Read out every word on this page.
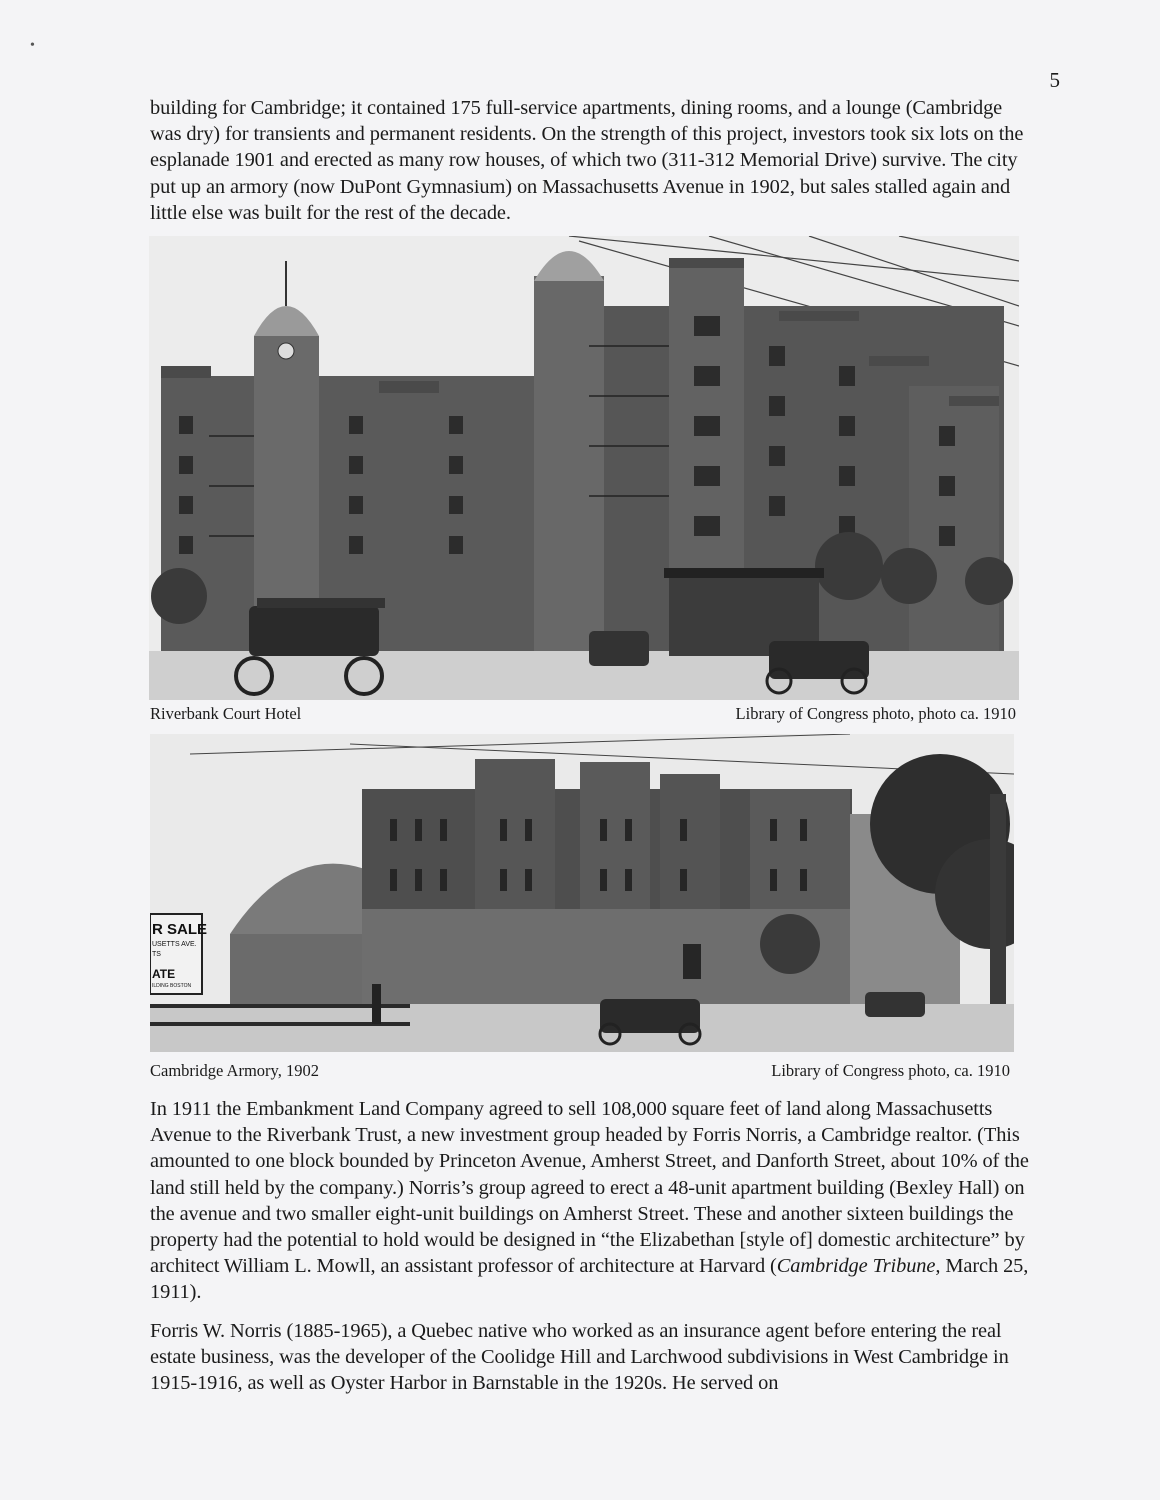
•
5

building for Cambridge; it contained 175 full-service apartments, dining rooms, and a lounge (Cambridge was dry) for transients and permanent residents. On the strength of this project, investors took six lots on the esplanade 1901 and erected as many row houses, of which two (311-312 Memorial Drive) survive. The city put up an armory (now DuPont Gymnasium) on Massachusetts Avenue in 1902, but sales stalled again and little else was built for the rest of the decade.

Riverbank Court Hotel	Library of Congress photo, photo ca. 1910
R SALE
USETTS AVE.
TS
ATE
ILDING BOSTON
Cambridge Armory, 1902	Library of Congress photo, ca. 1910

In 1911 the Embankment Land Company agreed to sell 108,000 square feet of land along Massachusetts Avenue to the Riverbank Trust, a new investment group headed by Forris Norris, a Cambridge realtor. (This amounted to one block bounded by Princeton Avenue, Amherst Street, and Danforth Street, about 10% of the land still held by the company.) Norris’s group agreed to erect a 48-unit apartment building (Bexley Hall) on the avenue and two smaller eight-unit buildings on Amherst Street. These and another sixteen buildings the property had the potential to hold would be designed in “the Elizabethan [style of] domestic architecture” by architect William L. Mowll, an assistant professor of architecture at Harvard (Cambridge Tribune, March 25, 1911).

Forris W. Norris (1885-1965), a Quebec native who worked as an insurance agent before entering the real estate business, was the developer of the Coolidge Hill and Larchwood subdivisions in West Cambridge in 1915-1916, as well as Oyster Harbor in Barnstable in the 1920s. He served on
